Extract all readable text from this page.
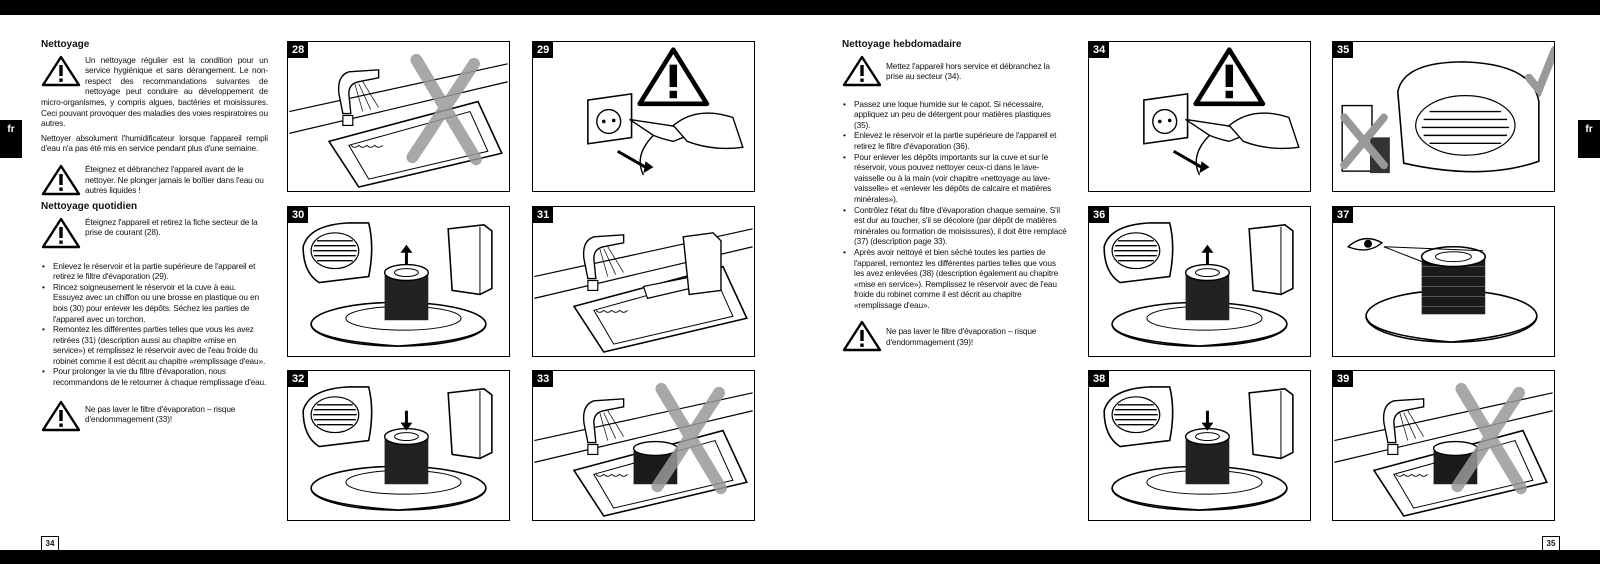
fr	fr
34	35
Nettoyage

Un nettoyage régulier est la condition pour un service hygiénique et sans dérangement. Le non-respect des recommandations suivantes de nettoyage peut conduire au développement de micro-organismes, y compris algues, bactéries et moisissures. Ceci pouvant provoquer des maladies des voies respiratoires ou autres.

Nettoyer absolument l'humidificateur lorsque l'appareil rempli d'eau n'a pas été mis en service pendant plus d'une semaine.

Éteignez et débranchez l'appareil avant de le nettoyer. Ne plonger jamais le boîtier dans l'eau ou autres liquides !

Nettoyage quotidien

Éteignez l'appareil et retirez la fiche secteur de la prise de courant (28).

• Enlevez le réservoir et la partie supérieure de l'appareil et retirez le filtre d'évaporation (29).
• Rincez soigneusement le réservoir et la cuve à eau. Essuyez avec un chiffon ou une brosse en plastique ou en bois (30) pour enlever les dépôts. Séchez les parties de l'appareil avec un torchon.
• Remontez les différentes parties telles que vous les avez retirées (31) (description aussi au chapitre «mise en service») et remplissez le réservoir avec de l'eau froide du robinet comme il est décrit au chapitre «remplissage d'eau».
• Pour prolonger la vie du filtre d'évaporation, nous recommandons de le retourner à chaque remplissage d'eau.

Ne pas laver le filtre d'évaporation – risque d'endommagement (33)!

Nettoyage hebdomadaire

Mettez l'appareil hors service et débranchez la prise au secteur (34).

• Passez une loque humide sur le capot. Si nécessaire, appliquez un peu de détergent pour matières plastiques (35).
• Enlevez le réservoir et la partie supérieure de l'appareil et retirez le filtre d'évaporation (36).
• Pour enlever les dépôts importants sur la cuve et sur le réservoir, vous pouvez nettoyer ceux-ci dans le lave-vaisselle ou à la main (voir chapitre «nettoyage au lave-vaisselle» et «enlever les dépôts de calcaire et matières minérales»).
• Contrôlez l'état du filtre d'évaporation chaque semaine. S'il est dur au toucher, s'il se décolore (par dépôt de matières minérales ou formation de moisissures), il doit être remplacé (37) (description page 33).
• Après avoir nettoyé et bien séché toutes les parties de l'appareil, remontez les différentes parties telles que vous les avez enlevées (38) (description également au chapitre «mise en service»). Remplissez le réservoir avec de l'eau froide du robinet comme il est décrit au chapitre «remplissage d'eau».

Ne pas laver le filtre d'évaporation – risque d'endommagement (39)!

28	29
30	31
32	33
34	35
36	37
38	39
